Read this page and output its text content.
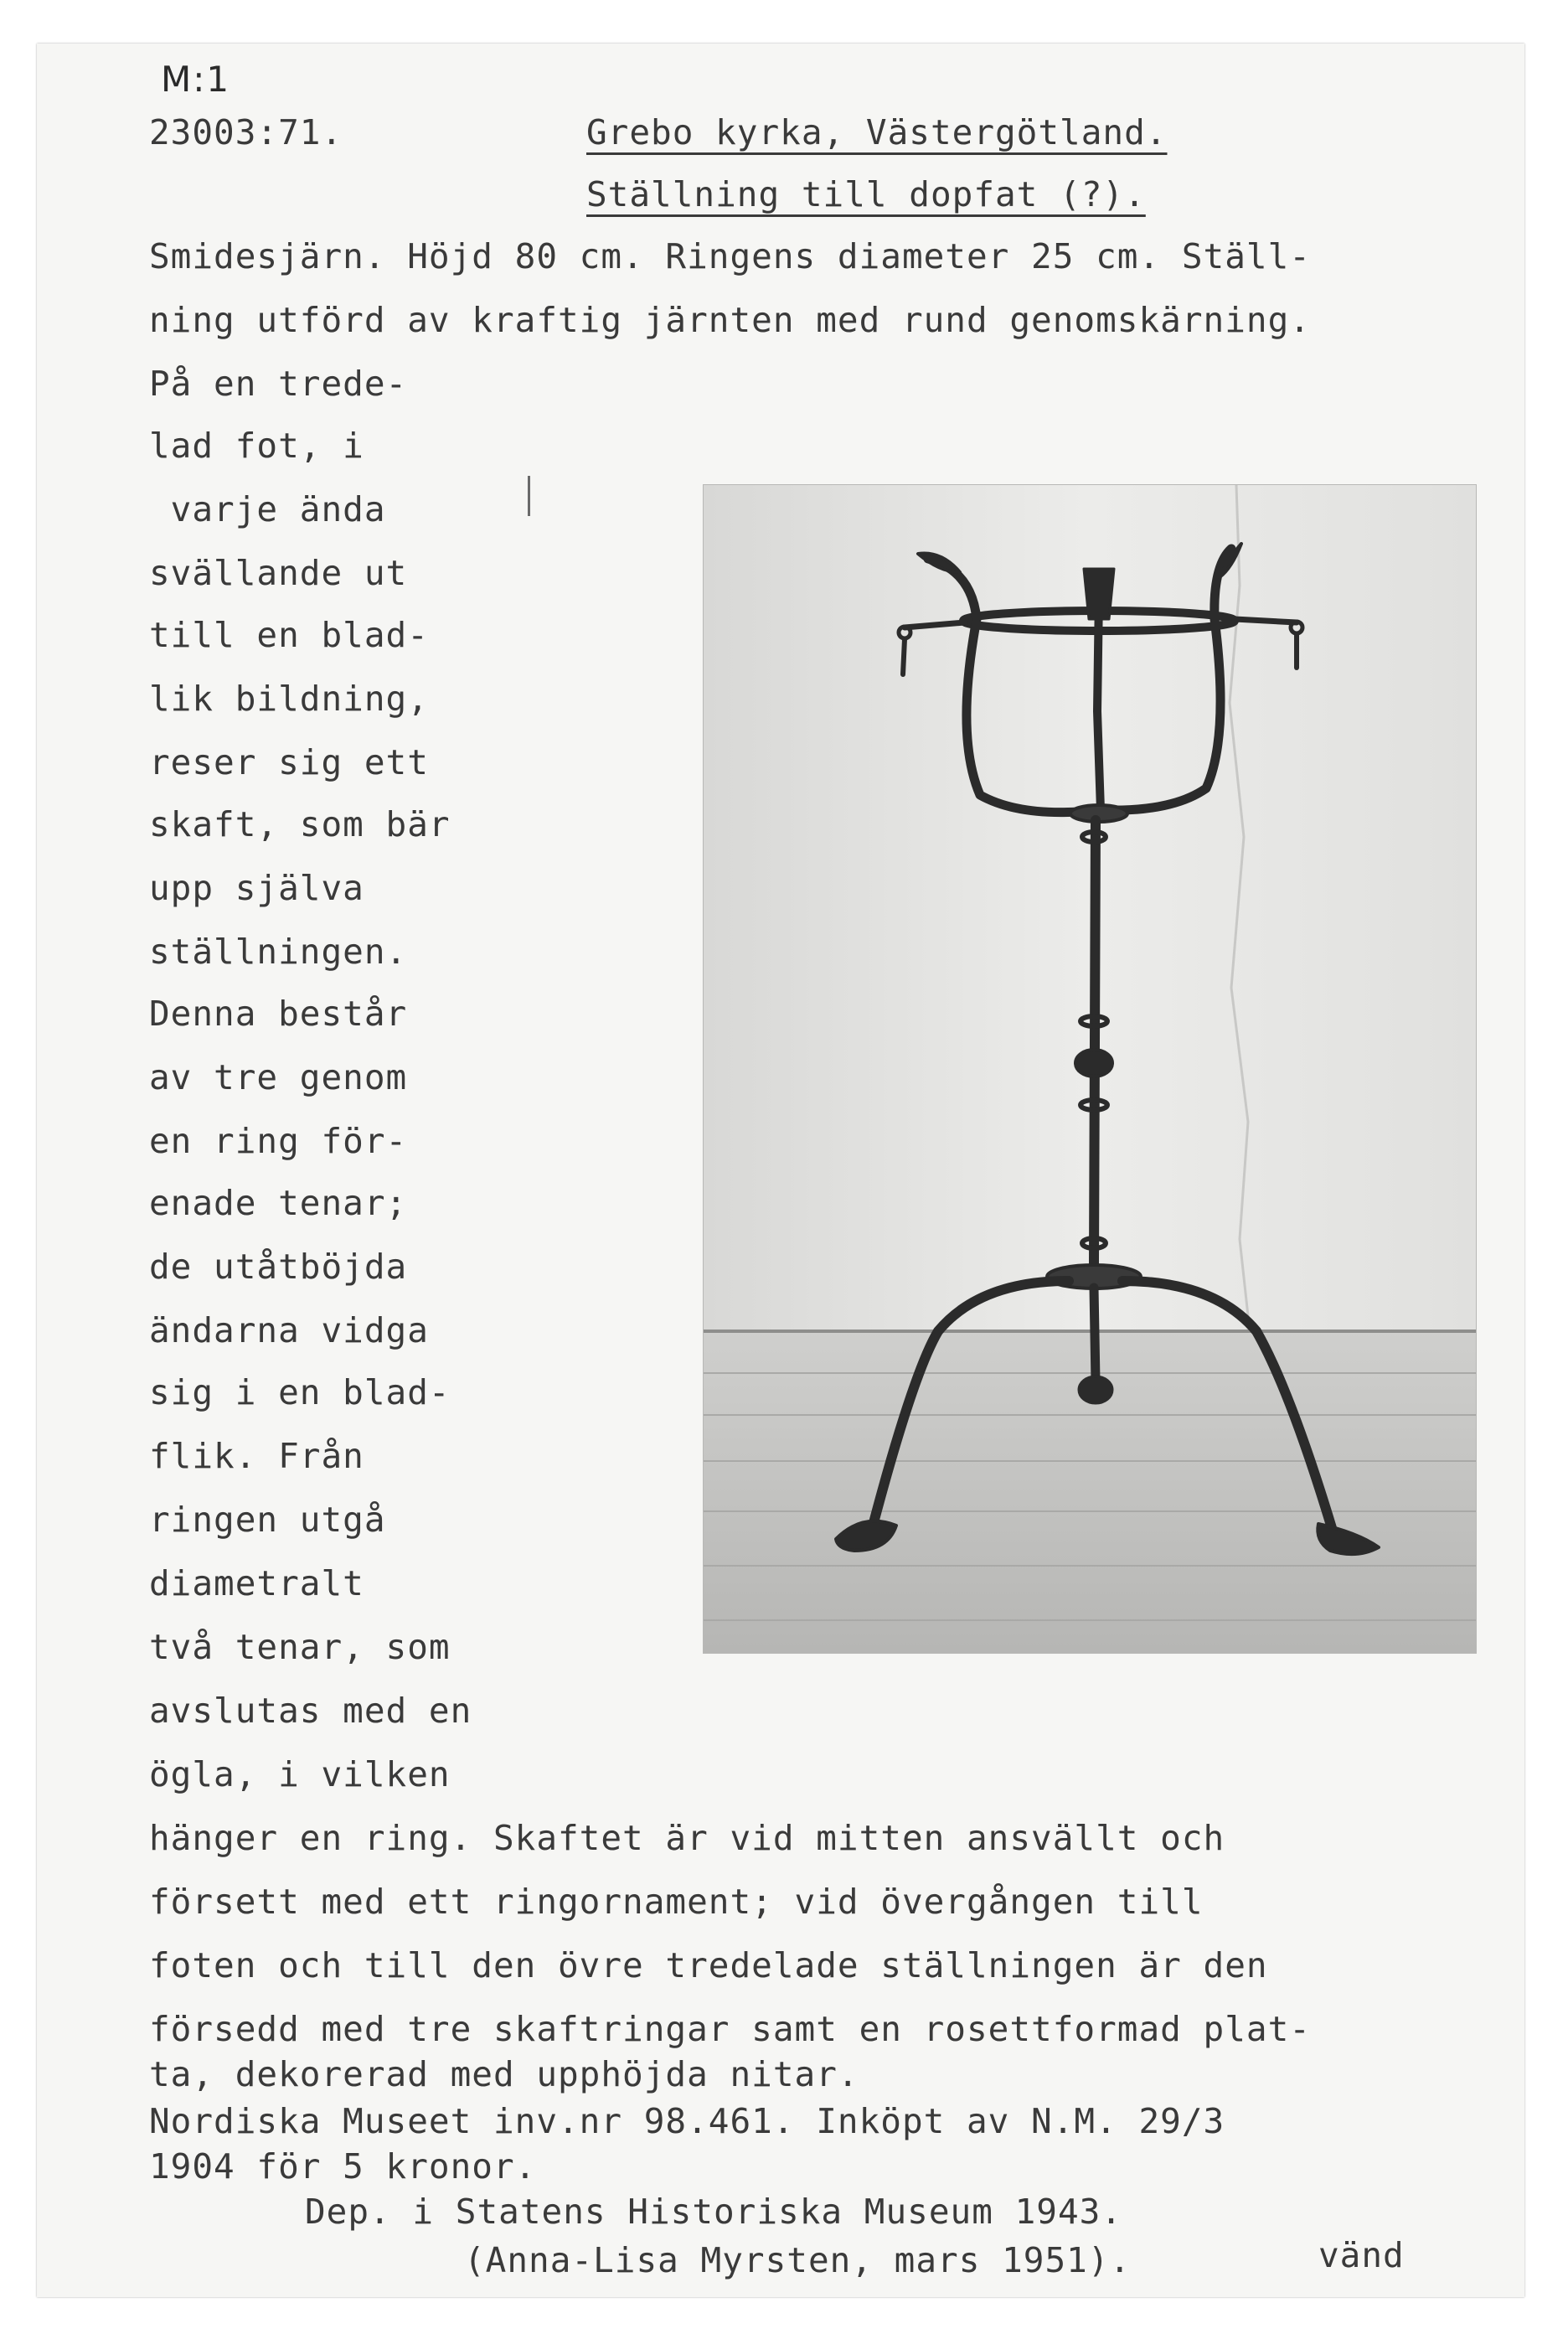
M:1
23003:71.	Grebo kyrka, Västergötland.
Ställning till dopfat (?).
Smidesjärn. Höjd 80 cm. Ringens diameter 25 cm. Ställ-
ning utförd av kraftig järnten med rund genomskärning.
På en trede-
lad fot, i
varje ända
svällande ut
till en blad-
lik bildning,
reser sig ett
skaft, som bär
upp själva
ställningen.
Denna består
av tre genom
en ring för-
enade tenar;
de utåtböjda
ändarna vidga
sig i en blad-
flik. Från
ringen utgå
diametralt
två tenar, som
avslutas med en
ögla, i vilken
hänger en ring. Skaftet är vid mitten ansvällt och
försett med ett ringornament; vid övergången till
foten och till den övre tredelade ställningen är den
försedd med tre skaftringar samt en rosettformad plat-
ta, dekorerad med upphöjda nitar.
Nordiska Museet inv.nr 98.461. Inköpt av N.M. 29/3
1904 för 5 kronor.
Dep. i Statens Historiska Museum 1943.
(Anna-Lisa Myrsten, mars 1951).	vänd
